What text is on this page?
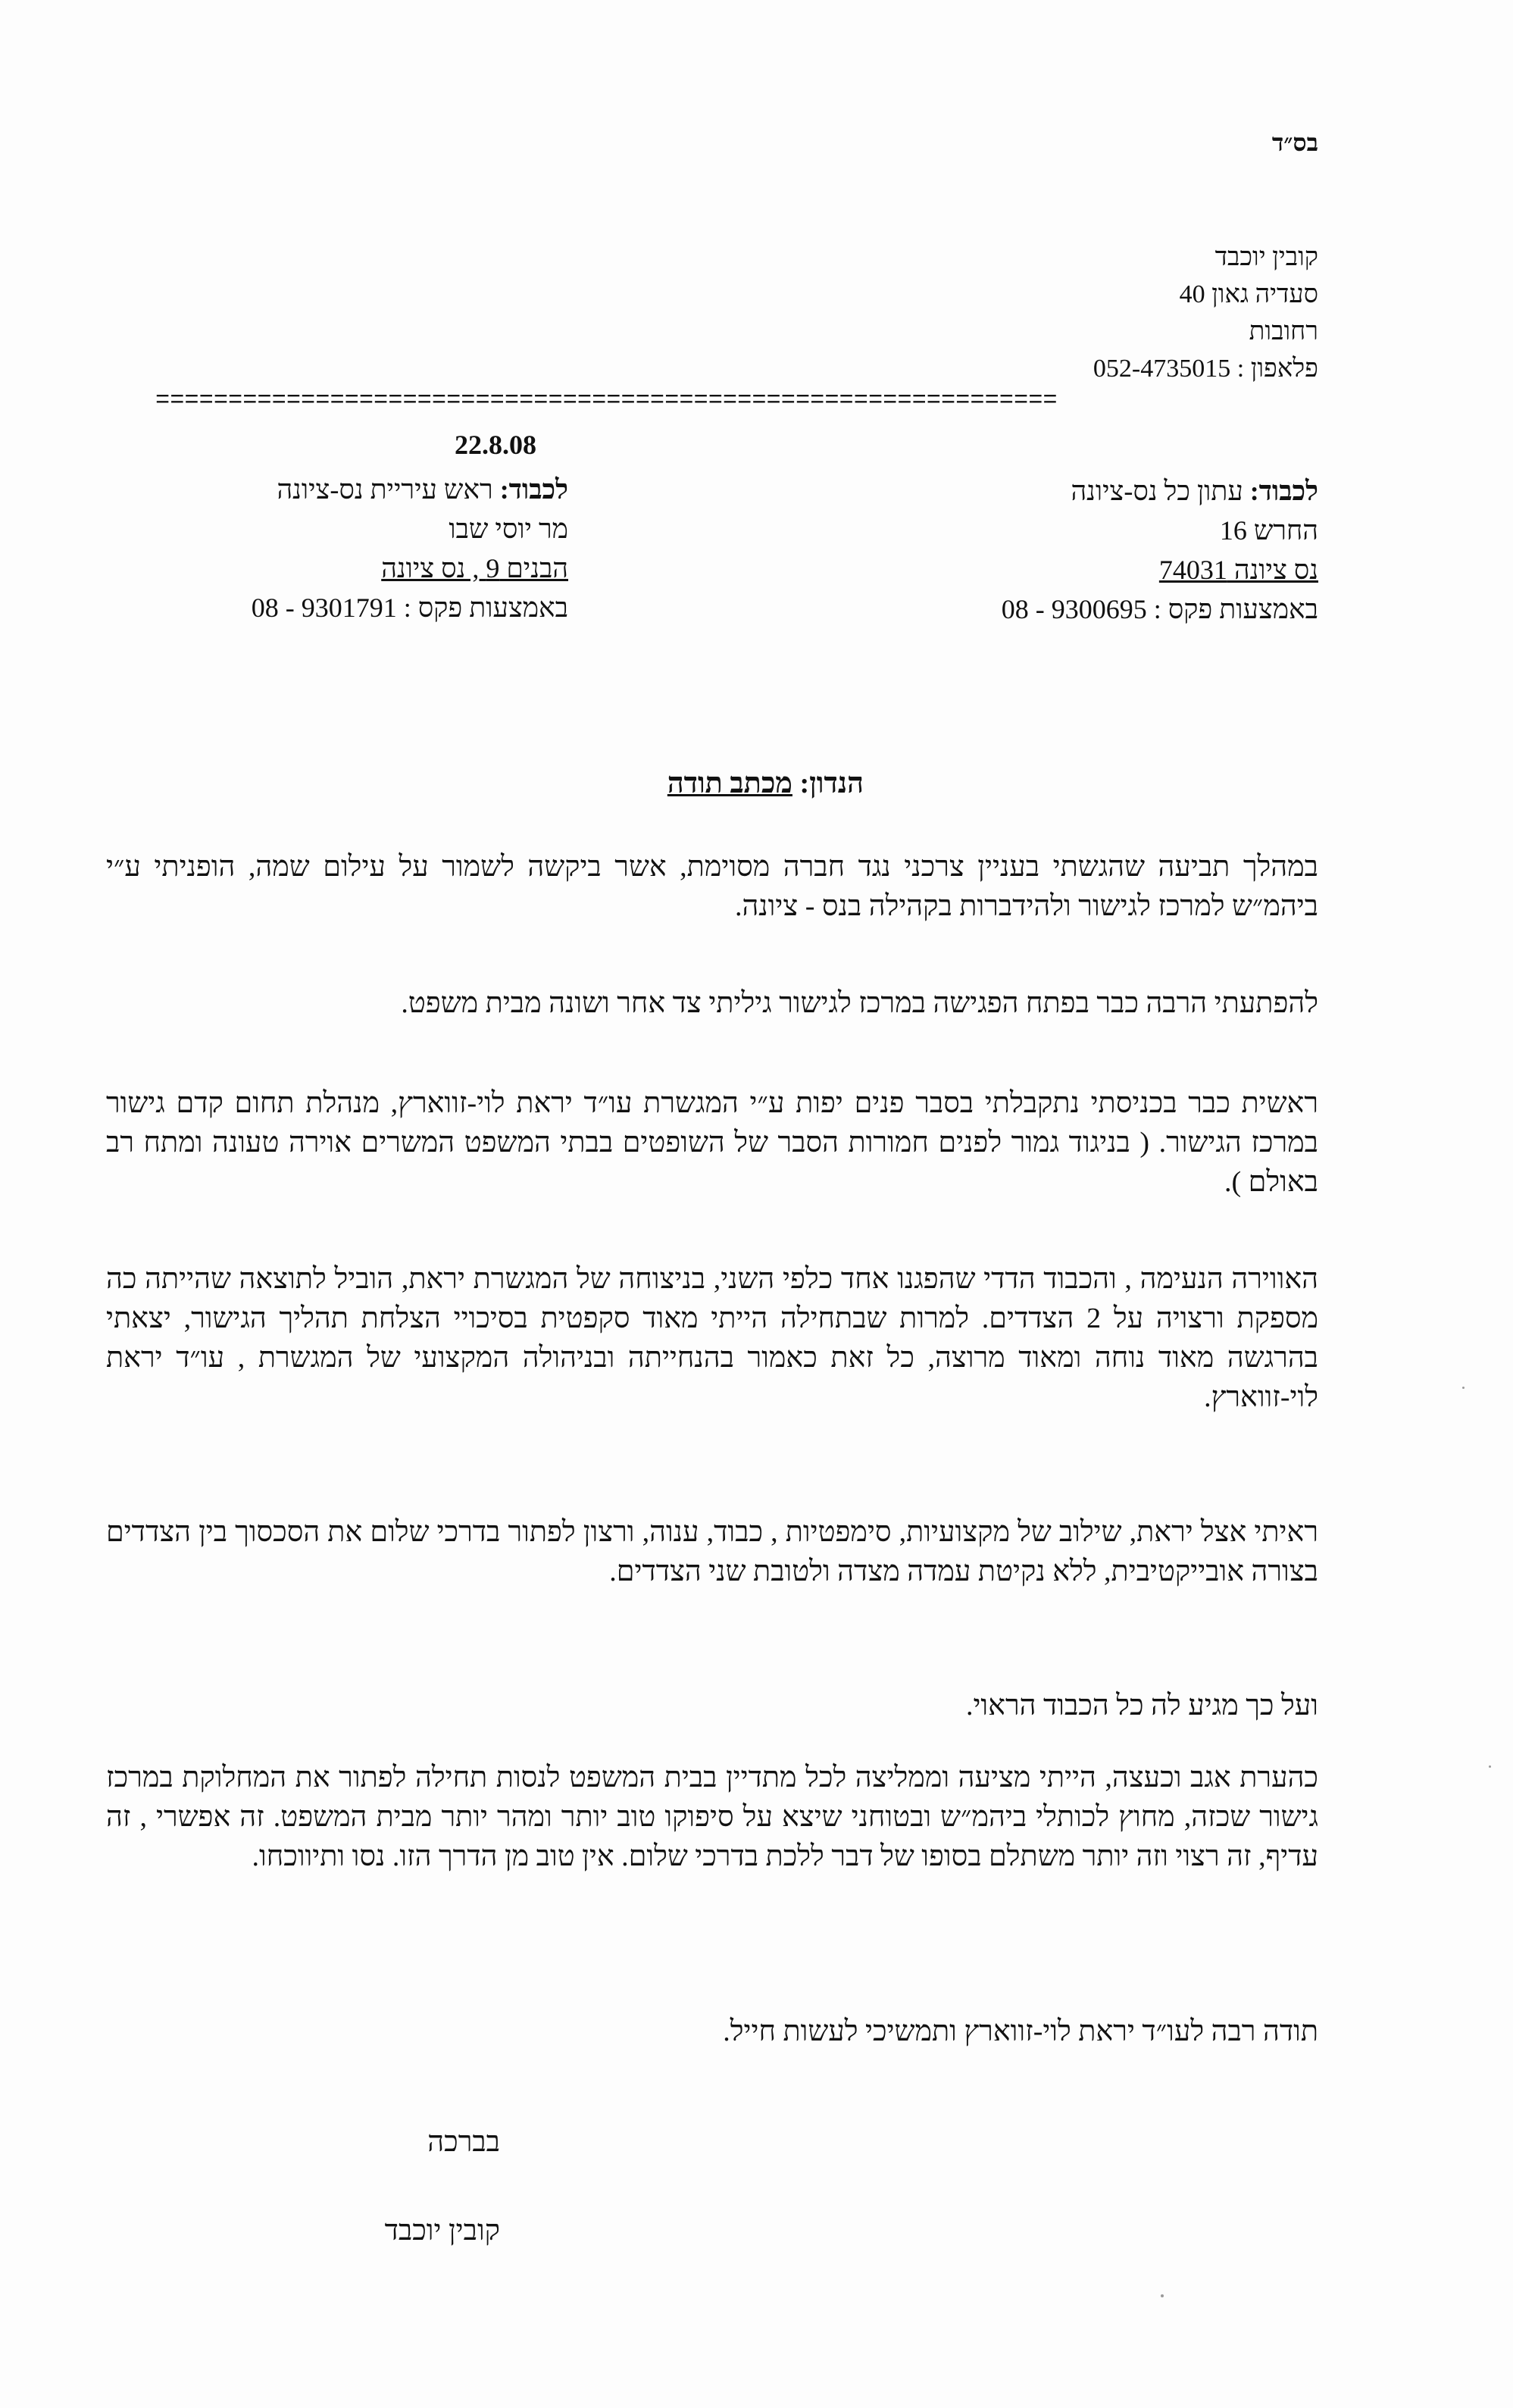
בס״ד
קובין יוכבד
סעדיה גאון 40
רחובות
פלאפון : 052-4735015
==============================================================
22.8.08
לכבוד: עתון כל נס-ציונה
החרש 16
נס ציונה 74031
באמצעות פקס : 9300695 - 08
לכבוד: ראש עיריית נס-ציונה
מר יוסי שבו
הבנים 9 , נס ציונה
באמצעות פקס : 9301791 - 08
הנדון: מכתב תודה
במהלך תביעה שהגשתי בעניין צרכני נגד חברה מסוימת, אשר ביקשה לשמור על עילום שמה, הופניתי ע״י ביהמ״ש למרכז לגישור ולהידברות בקהילה בנס - ציונה.
להפתעתי הרבה כבר בפתח הפגישה במרכז לגישור גיליתי צד אחר ושונה מבית משפט.
ראשית כבר בכניסתי נתקבלתי בסבר פנים יפות ע״י המגשרת עו״ד יראת לוי-זווארץ, מנהלת תחום קדם גישור במרכז הגישור. ( בניגוד גמור לפנים חמורות הסבר של השופטים בבתי המשפט המשרים אוירה טעונה ומתח רב באולם ).
האווירה הנעימה , והכבוד הדדי שהפגנו אחד כלפי השני, בניצוחה של המגשרת יראת, הוביל לתוצאה שהייתה כה מספקת ורצויה על 2 הצדדים. למרות שבתחילה הייתי מאוד סקפטית בסיכויי הצלחת תהליך הגישור, יצאתי בהרגשה מאוד נוחה ומאוד מרוצה, כל זאת כאמור בהנחייתה ובניהולה המקצועי של המגשרת , עו״ד יראת לוי-זווארץ.
ראיתי אצל יראת, שילוב של מקצועיות, סימפטיות , כבוד, ענוה, ורצון לפתור בדרכי שלום את הסכסוך בין הצדדים בצורה אובייקטיבית, ללא נקיטת עמדה מצדה ולטובת שני הצדדים.
ועל כך מגיע לה כל הכבוד הראוי.
כהערת אגב וכעצה, הייתי מציעה וממליצה לכל מתדיין בבית המשפט לנסות תחילה לפתור את המחלוקת במרכז גישור שכזה, מחוץ לכותלי ביהמ״ש ובטוחני שיצא על סיפוקו טוב יותר ומהר יותר מבית המשפט. זה אפשרי , זה עדיף, זה רצוי וזה יותר משתלם בסופו של דבר ללכת בדרכי שלום. אין טוב מן הדרך הזו. נסו ותיווכחו.
תודה רבה לעו״ד יראת לוי-זווארץ ותמשיכי לעשות חייל.
בברכה
קובין יוכבד
